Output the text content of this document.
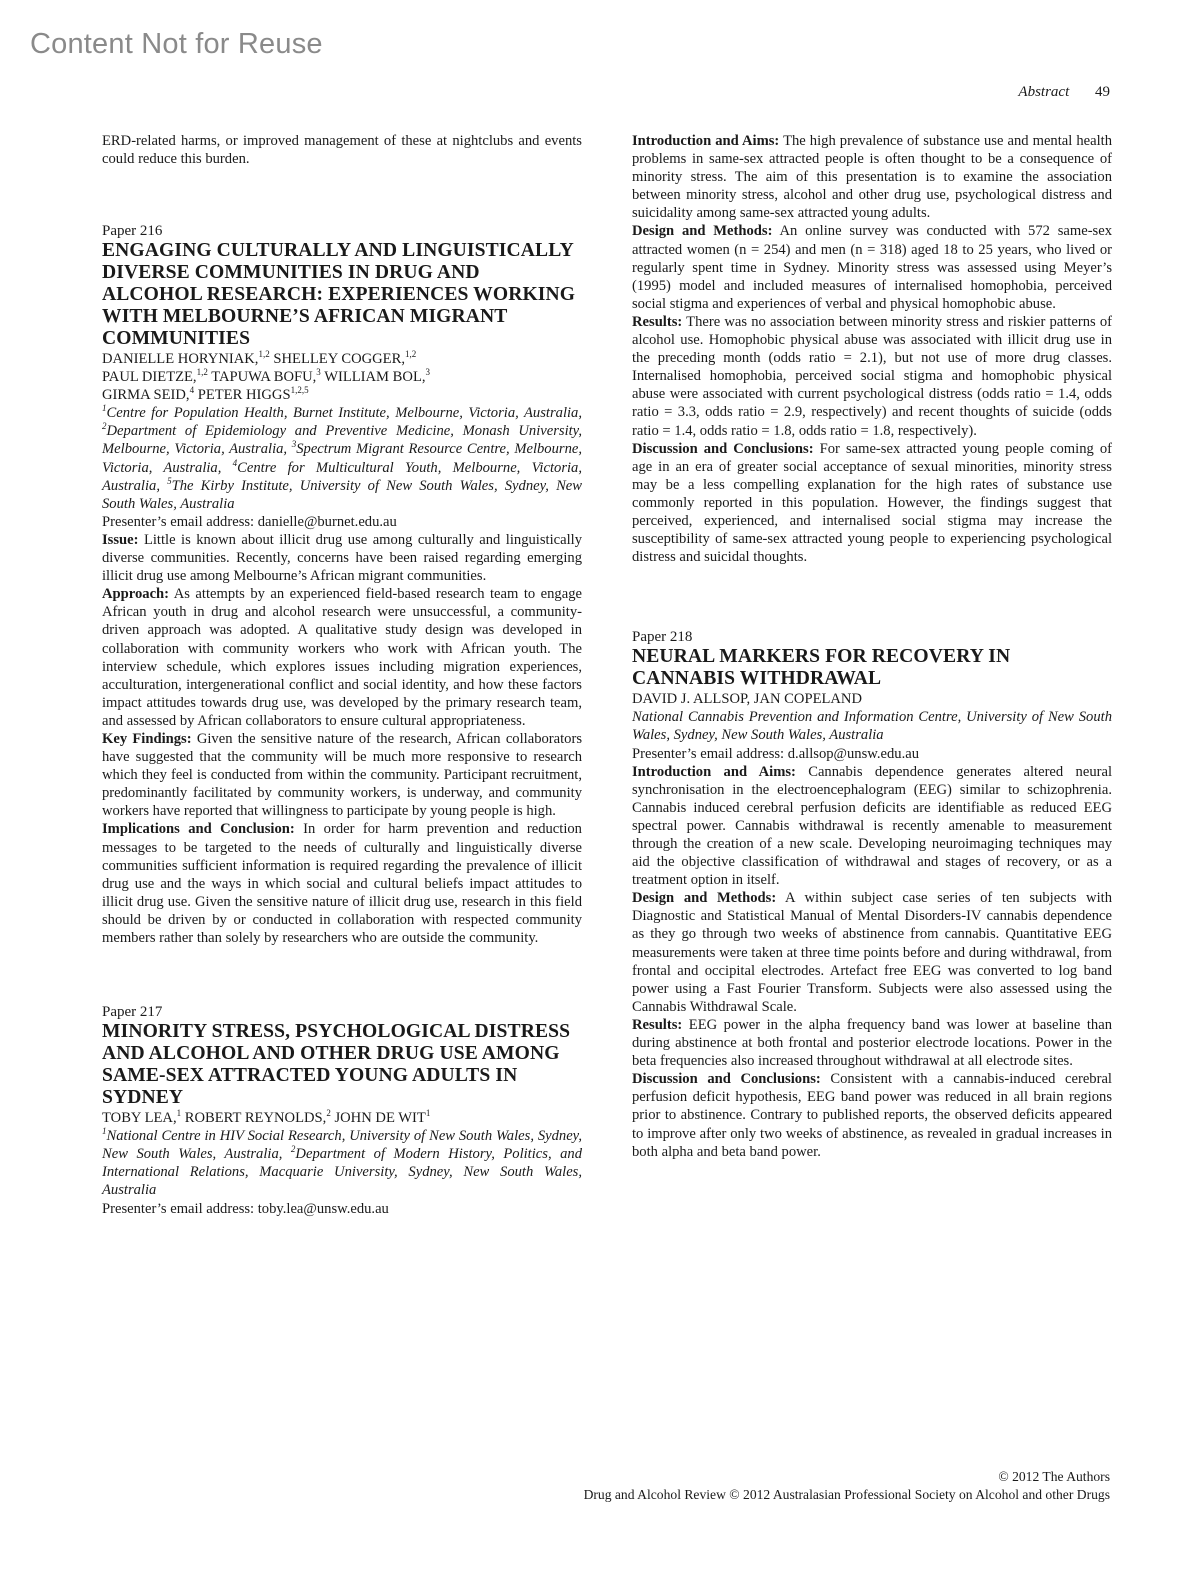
Content Not for Reuse
Abstract 49

ERD-related harms, or improved management of these at nightclubs and events could reduce this burden.

Paper 216

ENGAGING CULTURALLY AND LINGUISTICALLY DIVERSE COMMUNITIES IN DRUG AND ALCOHOL RESEARCH: EXPERIENCES WORKING WITH MELBOURNE’S AFRICAN MIGRANT COMMUNITIES

DANIELLE HORYNIAK,$^{1,2}$ SHELLEY COGGER,$^{1,2}$
PAUL DIETZE,$^{1,2}$ TAPUWA BOFU,$^3$ WILLIAM BOL,$^3$
GIRMA SEID,$^4$ PETER HIGGS$^{1,2,5}$

$^1$Centre for Population Health, Burnet Institute, Melbourne, Victoria, Australia, $^2$Department of Epidemiology and Preventive Medicine, Monash University, Melbourne, Victoria, Australia, $^3$Spectrum Migrant Resource Centre, Melbourne, Victoria, Australia, $^4$Centre for Multicultural Youth, Melbourne, Victoria, Australia, $^5$The Kirby Institute, University of New South Wales, Sydney, New South Wales, Australia

Presenter’s email address: danielle@burnet.edu.au

Issue: Little is known about illicit drug use among culturally and linguistically diverse communities. Recently, concerns have been raised regarding emerging illicit drug use among Melbourne’s African migrant communities.

Approach: As attempts by an experienced field-based research team to engage African youth in drug and alcohol research were unsuccessful, a community-driven approach was adopted. A qualitative study design was developed in collaboration with community workers who work with African youth. The interview schedule, which explores issues including migration experiences, acculturation, intergenerational conflict and social identity, and how these factors impact attitudes towards drug use, was developed by the primary research team, and assessed by African collaborators to ensure cultural appropriateness.

Key Findings: Given the sensitive nature of the research, African collaborators have suggested that the community will be much more responsive to research which they feel is conducted from within the community. Participant recruitment, predominantly facilitated by community workers, is underway, and community workers have reported that willingness to participate by young people is high.

Implications and Conclusion: In order for harm prevention and reduction messages to be targeted to the needs of culturally and linguistically diverse communities sufficient information is required regarding the prevalence of illicit drug use and the ways in which social and cultural beliefs impact attitudes to illicit drug use. Given the sensitive nature of illicit drug use, research in this field should be driven by or conducted in collaboration with respected community members rather than solely by researchers who are outside the community.

Paper 217

MINORITY STRESS, PSYCHOLOGICAL DISTRESS AND ALCOHOL AND OTHER DRUG USE AMONG SAME-SEX ATTRACTED YOUNG ADULTS IN SYDNEY

TOBY LEA,$^1$ ROBERT REYNOLDS,$^2$ JOHN DE WIT$^1$

$^1$National Centre in HIV Social Research, University of New South Wales, Sydney, New South Wales, Australia, $^2$Department of Modern History, Politics, and International Relations, Macquarie University, Sydney, New South Wales, Australia

Presenter’s email address: toby.lea@unsw.edu.au

Introduction and Aims: The high prevalence of substance use and mental health problems in same-sex attracted people is often thought to be a consequence of minority stress. The aim of this presentation is to examine the association between minority stress, alcohol and other drug use, psychological distress and suicidality among same-sex attracted young adults.

Design and Methods: An online survey was conducted with 572 same-sex attracted women (n = 254) and men (n = 318) aged 18 to 25 years, who lived or regularly spent time in Sydney. Minority stress was assessed using Meyer’s (1995) model and included measures of internalised homophobia, perceived social stigma and experiences of verbal and physical homophobic abuse.

Results: There was no association between minority stress and riskier patterns of alcohol use. Homophobic physical abuse was associated with illicit drug use in the preceding month (odds ratio = 2.1), but not use of more drug classes. Internalised homophobia, perceived social stigma and homophobic physical abuse were associated with current psychological distress (odds ratio = 1.4, odds ratio = 3.3, odds ratio = 2.9, respectively) and recent thoughts of suicide (odds ratio = 1.4, odds ratio = 1.8, odds ratio = 1.8, respectively).

Discussion and Conclusions: For same-sex attracted young people coming of age in an era of greater social acceptance of sexual minorities, minority stress may be a less compelling explanation for the high rates of substance use commonly reported in this population. However, the findings suggest that perceived, experienced, and internalised social stigma may increase the susceptibility of same-sex attracted young people to experiencing psychological distress and suicidal thoughts.

Paper 218

NEURAL MARKERS FOR RECOVERY IN CANNABIS WITHDRAWAL

DAVID J. ALLSOP, JAN COPELAND

National Cannabis Prevention and Information Centre, University of New South Wales, Sydney, New South Wales, Australia

Presenter’s email address: d.allsop@unsw.edu.au

Introduction and Aims: Cannabis dependence generates altered neural synchronisation in the electroencephalogram (EEG) similar to schizophrenia. Cannabis induced cerebral perfusion deficits are identifiable as reduced EEG spectral power. Cannabis withdrawal is recently amenable to measurement through the creation of a new scale. Developing neuroimaging techniques may aid the objective classification of withdrawal and stages of recovery, or as a treatment option in itself.

Design and Methods: A within subject case series of ten subjects with Diagnostic and Statistical Manual of Mental Disorders-IV cannabis dependence as they go through two weeks of abstinence from cannabis. Quantitative EEG measurements were taken at three time points before and during withdrawal, from frontal and occipital electrodes. Artefact free EEG was converted to log band power using a Fast Fourier Transform. Subjects were also assessed using the Cannabis Withdrawal Scale.

Results: EEG power in the alpha frequency band was lower at baseline than during abstinence at both frontal and posterior electrode locations. Power in the beta frequencies also increased throughout withdrawal at all electrode sites.

Discussion and Conclusions: Consistent with a cannabis-induced cerebral perfusion deficit hypothesis, EEG band power was reduced in all brain regions prior to abstinence. Contrary to published reports, the observed deficits appeared to improve after only two weeks of abstinence, as revealed in gradual increases in both alpha and beta band power.

© 2012 The Authors
Drug and Alcohol Review © 2012 Australasian Professional Society on Alcohol and other Drugs
